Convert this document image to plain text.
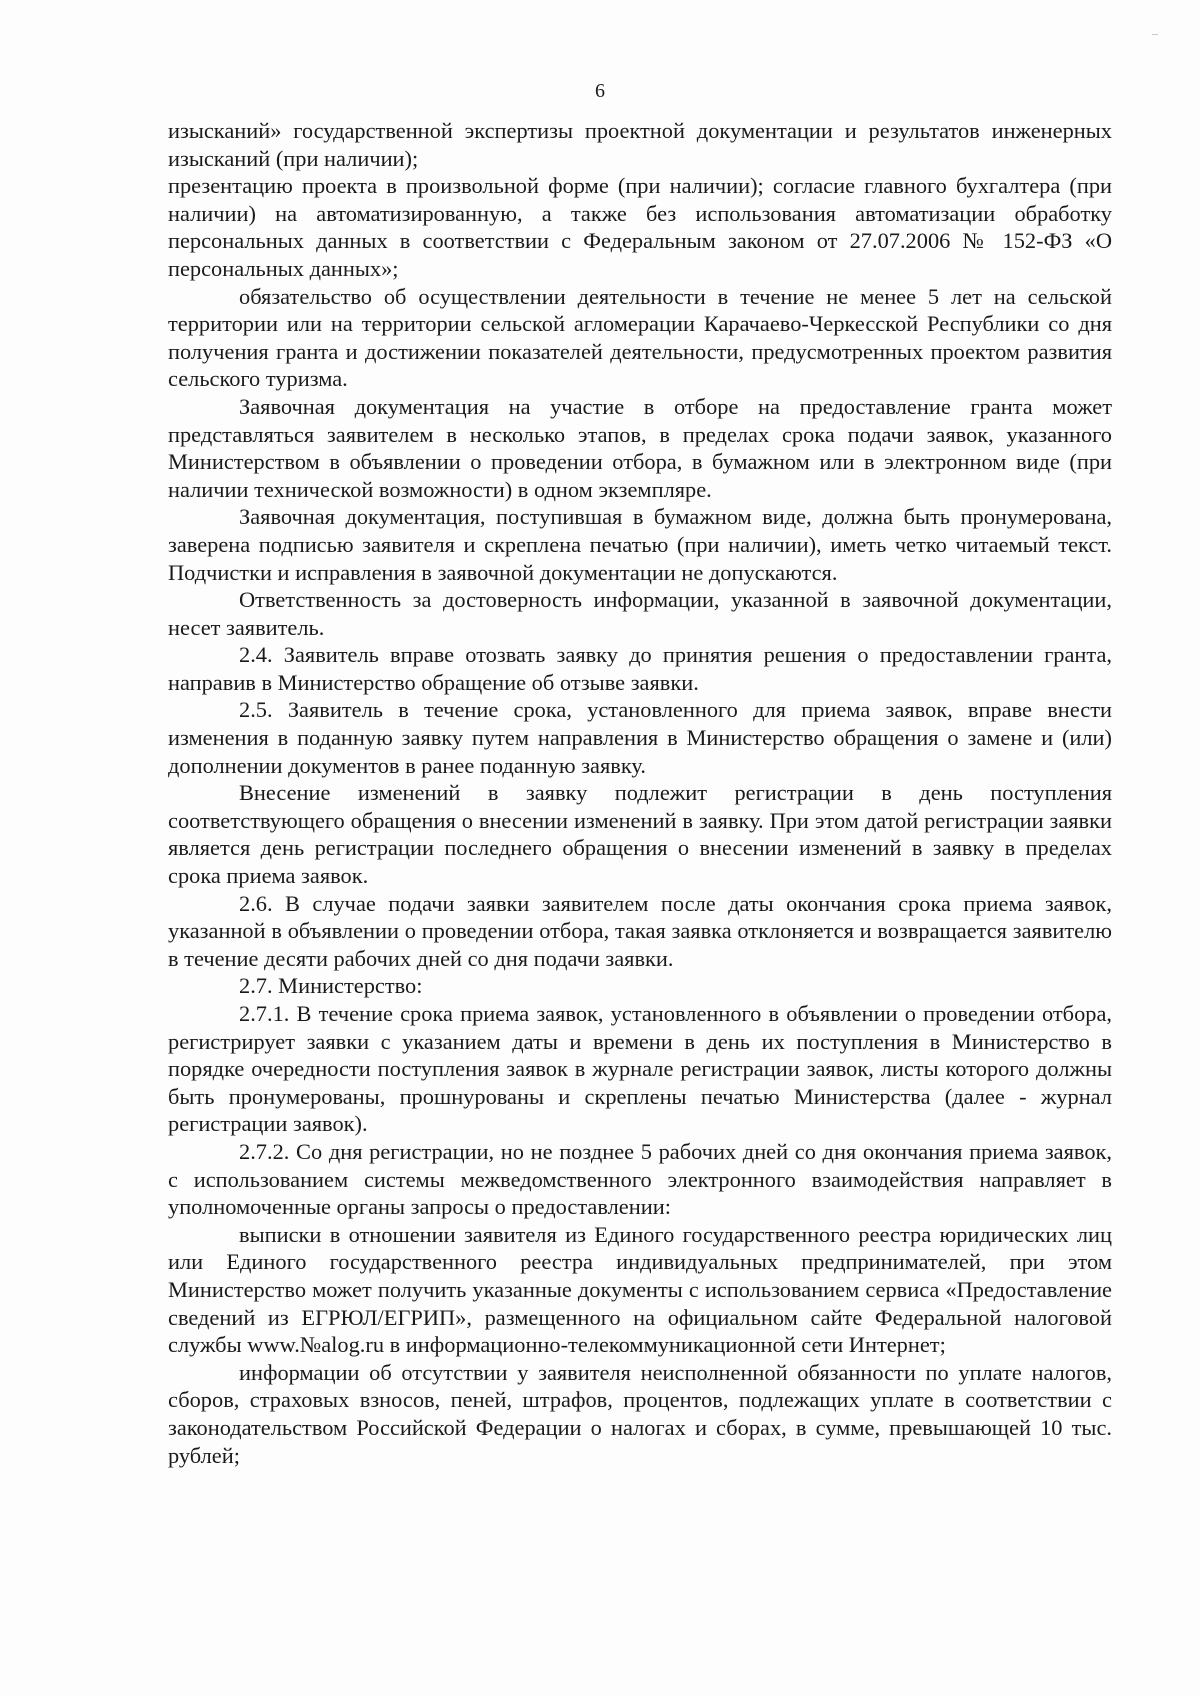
6

изысканий» государственной экспертизы проектной документации и результатов инженерных изысканий (при наличии);

презентацию проекта в произвольной форме (при наличии); согласие главного бухгалтера (при наличии) на автоматизированную, а также без использования автоматизации обработку персональных данных в соответствии с Федеральным законом от 27.07.2006 № 152-ФЗ «О персональных данных»;

обязательство об осуществлении деятельности в течение не менее 5 лет на сельской территории или на территории сельской агломерации Карачаево-Черкесской Республики со дня получения гранта и достижении показателей деятельности, предусмотренных проектом развития сельского туризма.

Заявочная документация на участие в отборе на предоставление гранта может представляться заявителем в несколько этапов, в пределах срока подачи заявок, указанного Министерством в объявлении о проведении отбора, в бумажном или в электронном виде (при наличии технической возможности) в одном экземпляре.

Заявочная документация, поступившая в бумажном виде, должна быть пронумерована, заверена подписью заявителя и скреплена печатью (при наличии), иметь четко читаемый текст. Подчистки и исправления в заявочной документации не допускаются.

Ответственность за достоверность информации, указанной в заявочной документации, несет заявитель.

2.4. Заявитель вправе отозвать заявку до принятия решения о предоставлении гранта, направив в Министерство обращение об отзыве заявки.

2.5. Заявитель в течение срока, установленного для приема заявок, вправе внести изменения в поданную заявку путем направления в Министерство обращения о замене и (или) дополнении документов в ранее поданную заявку.

Внесение изменений в заявку подлежит регистрации в день поступления соответствующего обращения о внесении изменений в заявку. При этом датой регистрации заявки является день регистрации последнего обращения о внесении изменений в заявку в пределах срока приема заявок.

2.6. В случае подачи заявки заявителем после даты окончания срока приема заявок, указанной в объявлении о проведении отбора, такая заявка отклоняется и возвращается заявителю в течение десяти рабочих дней со дня подачи заявки.

2.7. Министерство:

2.7.1. В течение срока приема заявок, установленного в объявлении о проведении отбора, регистрирует заявки с указанием даты и времени в день их поступления в Министерство в порядке очередности поступления заявок в журнале регистрации заявок, листы которого должны быть пронумерованы, прошнурованы и скреплены печатью Министерства (далее - журнал регистрации заявок).

2.7.2. Со дня регистрации, но не позднее 5 рабочих дней со дня окончания приема заявок, с использованием системы межведомственного электронного взаимодействия направляет в уполномоченные органы запросы о предоставлении:

выписки в отношении заявителя из Единого государственного реестра юридических лиц или Единого государственного реестра индивидуальных предпринимателей, при этом Министерство может получить указанные документы с использованием сервиса «Предоставление сведений из ЕГРЮЛ/ЕГРИП», размещенного на официальном сайте Федеральной налоговой службы www.№alog.ru в информационно-телекоммуникационной сети Интернет;

информации об отсутствии у заявителя неисполненной обязанности по уплате налогов, сборов, страховых взносов, пеней, штрафов, процентов, подлежащих уплате в соответствии с законодательством Российской Федерации о налогах и сборах, в сумме, превышающей 10 тыс. рублей;
